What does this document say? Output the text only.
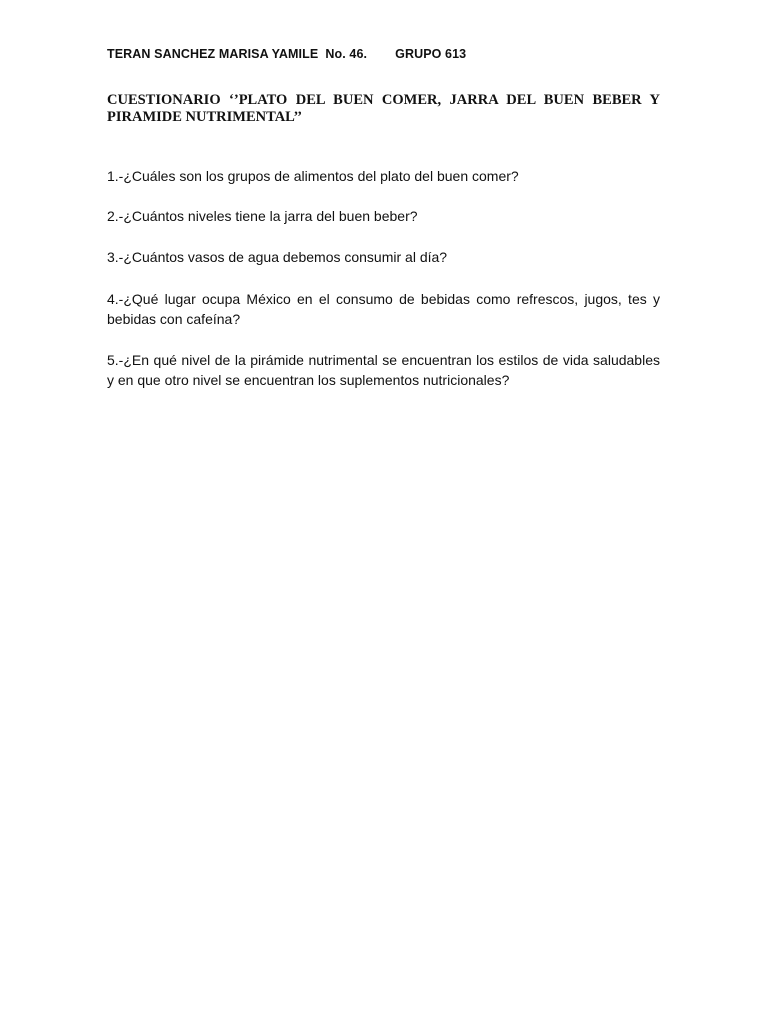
TERAN SANCHEZ MARISA YAMILE  No. 46. GRUPO 613
CUESTIONARIO ‘’PLATO DEL BUEN COMER, JARRA DEL BUEN BEBER Y PIRAMIDE NUTRIMENTAL’’
1.-¿Cuáles son los grupos de alimentos del plato del buen comer?
2.-¿Cuántos niveles tiene la jarra del buen beber?
3.-¿Cuántos vasos de agua debemos consumir al día?
4.-¿Qué lugar ocupa México en el consumo de bebidas como refrescos, jugos, tes y bebidas con cafeína?
5.-¿En qué nivel de la pirámide nutrimental se encuentran los estilos de vida saludables y en que otro nivel se encuentran los suplementos nutricionales?
